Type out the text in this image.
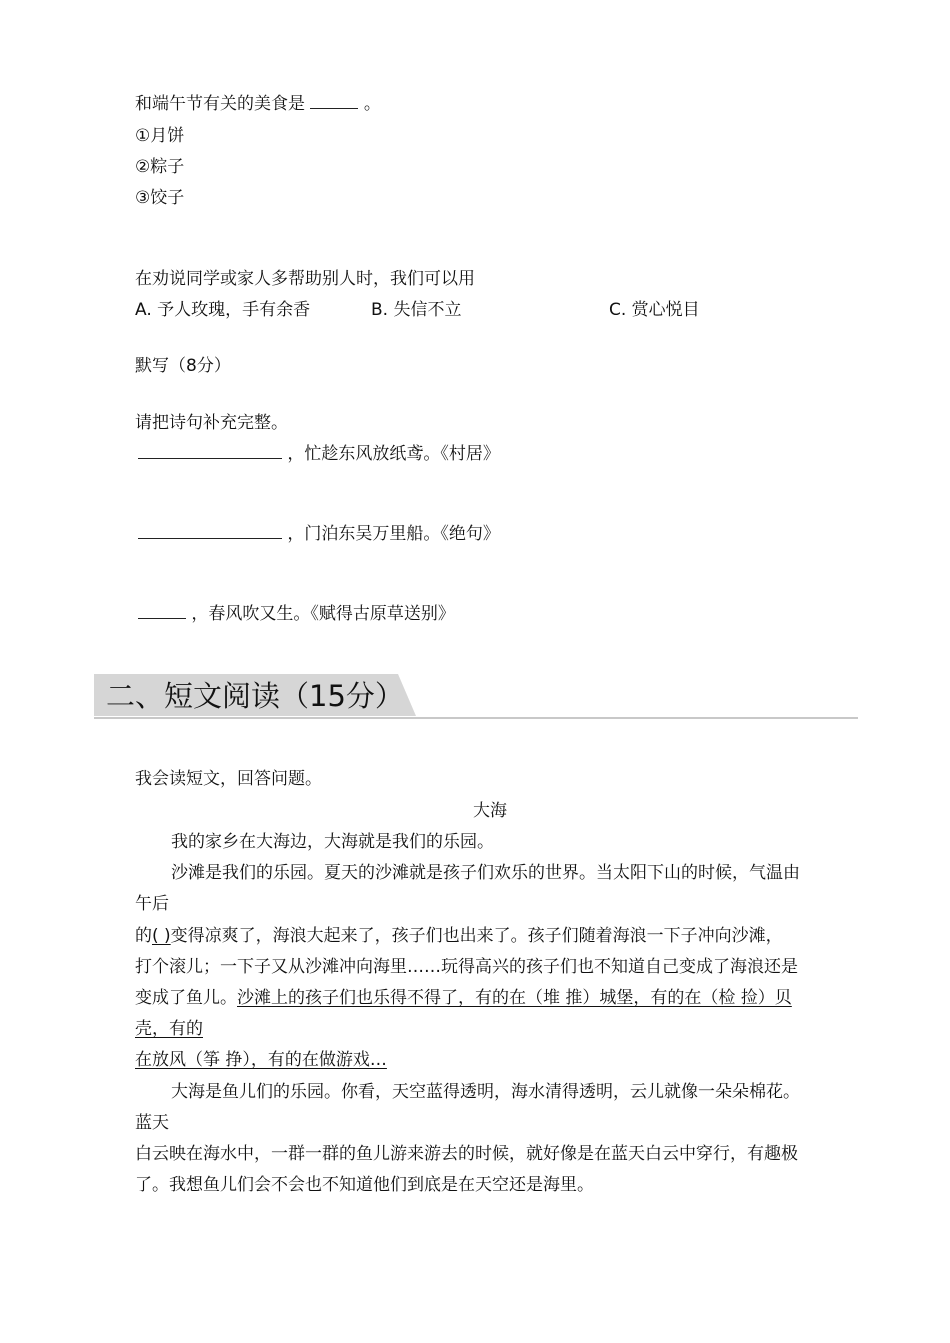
和端午节有关的美食是	。
①月饼
②粽子
③饺子
在劝说同学或家人多帮助别人时，我们可以用
A. 予人玫瑰，手有余香	B. 失信不立	C. 赏心悦目
默写（8分）
请把诗句补充完整。
，忙趁东风放纸鸢。《村居》
，门泊东吴万里船。《绝句》
，春风吹又生。《赋得古原草送别》
二、短文阅读（15分）
我会读短文，回答问题。
大海
我的家乡在大海边，大海就是我们的乐园。
沙滩是我们的乐园。夏天的沙滩就是孩子们欢乐的世界。当太阳下山的时候，气温由
午后
的( )变得凉爽了，海浪大起来了，孩子们也出来了。孩子们随着海浪一下子冲向沙滩，
打个滚儿；一下子又从沙滩冲向海里……玩得高兴的孩子们也不知道自己变成了海浪还是
变成了鱼儿。沙滩上的孩子们也乐得不得了，有的在（堆 推）城堡，有的在（检 捡）贝
壳，有的
在放风（筝 挣），有的在做游戏…
大海是鱼儿们的乐园。你看，天空蓝得透明，海水清得透明，云儿就像一朵朵棉花。
蓝天
白云映在海水中，一群一群的鱼儿游来游去的时候，就好像是在蓝天白云中穿行，有趣极
了。我想鱼儿们会不会也不知道他们到底是在天空还是海里。
